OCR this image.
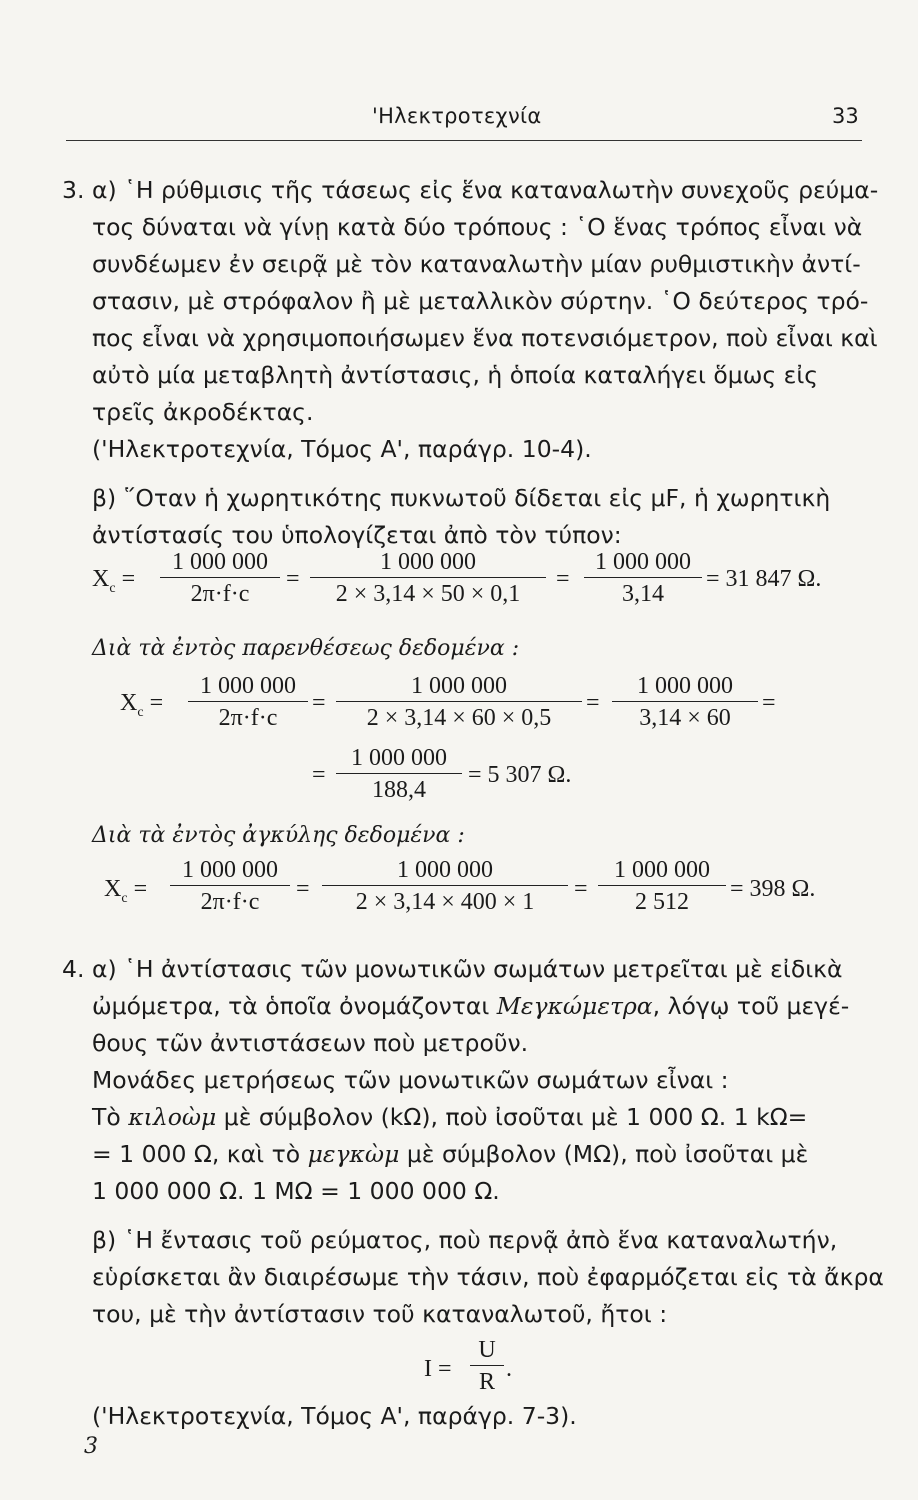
'Ηλεκτροτεχνία	33
3. α) ῾Η ρύθμισις τῆς τάσεως εἰς ἕνα καταναλωτὴν συνεχοῦς ρεύμα-
τος δύναται νὰ γίνῃ κατὰ δύο τρόπους : ῾Ο ἕνας τρόπος εἶναι νὰ
συνδέωμεν ἐν σειρᾷ μὲ τὸν καταναλωτὴν μίαν ρυθμιστικὴν ἀντί-
στασιν, μὲ στρόφαλον ἢ μὲ μεταλλικὸν σύρτην. ῾Ο δεύτερος τρό-
πος εἶναι νὰ χρησιμοποιήσωμεν ἕνα ποτενσιόμετρον, ποὺ εἶναι καὶ
αὐτὸ μία μεταβλητὴ ἀντίστασις, ἡ ὁποία καταλήγει ὅμως εἰς
τρεῖς ἀκροδέκτας.
('Ηλεκτροτεχνία, Τόμος Α', παράγρ. 10-4).
β) ῞Οταν ἡ χωρητικότης πυκνωτοῦ δίδεται εἰς μF, ἡ χωρητικὴ
ἀντίστασίς του ὑπολογίζεται ἀπὸ τὸν τύπον:
$X_c$ =
1 000 000
2π·f·c
=
1 000 000
2 × 3,14 × 50 × 0,1
=
1 000 000
3,14
= 31 847 Ω.
Διὰ τὰ ἐντὸς παρενθέσεως δεδομένα :
$X_c$ =
1 000 000
2π·f·c
=
1 000 000
2 × 3,14 × 60 × 0,5
=
1 000 000
3,14 × 60
=
=
1 000 000
188,4
= 5 307 Ω.
Διὰ τὰ ἐντὸς ἀγκύλης δεδομένα :
$X_c$ =
1 000 000
2π·f·c
=
1 000 000
2 × 3,14 × 400 × 1
=
1 000 000
2 512
= 398 Ω.
4. α) ῾Η ἀντίστασις τῶν μονωτικῶν σωμάτων μετρεῖται μὲ εἰδικὰ
ὠμόμετρα, τὰ ὁποῖα ὀνομάζονται Μεγκώμετρα, λόγῳ τοῦ μεγέ-
θους τῶν ἀντιστάσεων ποὺ μετροῦν.
Μονάδες μετρήσεως τῶν μονωτικῶν σωμάτων εἶναι :
Τὸ κιλοὼμ μὲ σύμβολον (kΩ), ποὺ ἰσοῦται μὲ 1 000 Ω. 1 kΩ=
= 1 000 Ω, καὶ τὸ μεγκὼμ μὲ σύμβολον (MΩ), ποὺ ἰσοῦται μὲ
1 000 000 Ω. 1 MΩ = 1 000 000 Ω.
β) ῾Η ἔντασις τοῦ ρεύματος, ποὺ περνᾷ ἀπὸ ἕνα καταναλωτήν,
εὑρίσκεται ἂν διαιρέσωμε τὴν τάσιν, ποὺ ἐφαρμόζεται εἰς τὰ ἄκρα
του, μὲ τὴν ἀντίστασιν τοῦ καταναλωτοῦ, ἤτοι :
I =
U
R
.
('Ηλεκτροτεχνία, Τόμος Α', παράγρ. 7-3).
3
